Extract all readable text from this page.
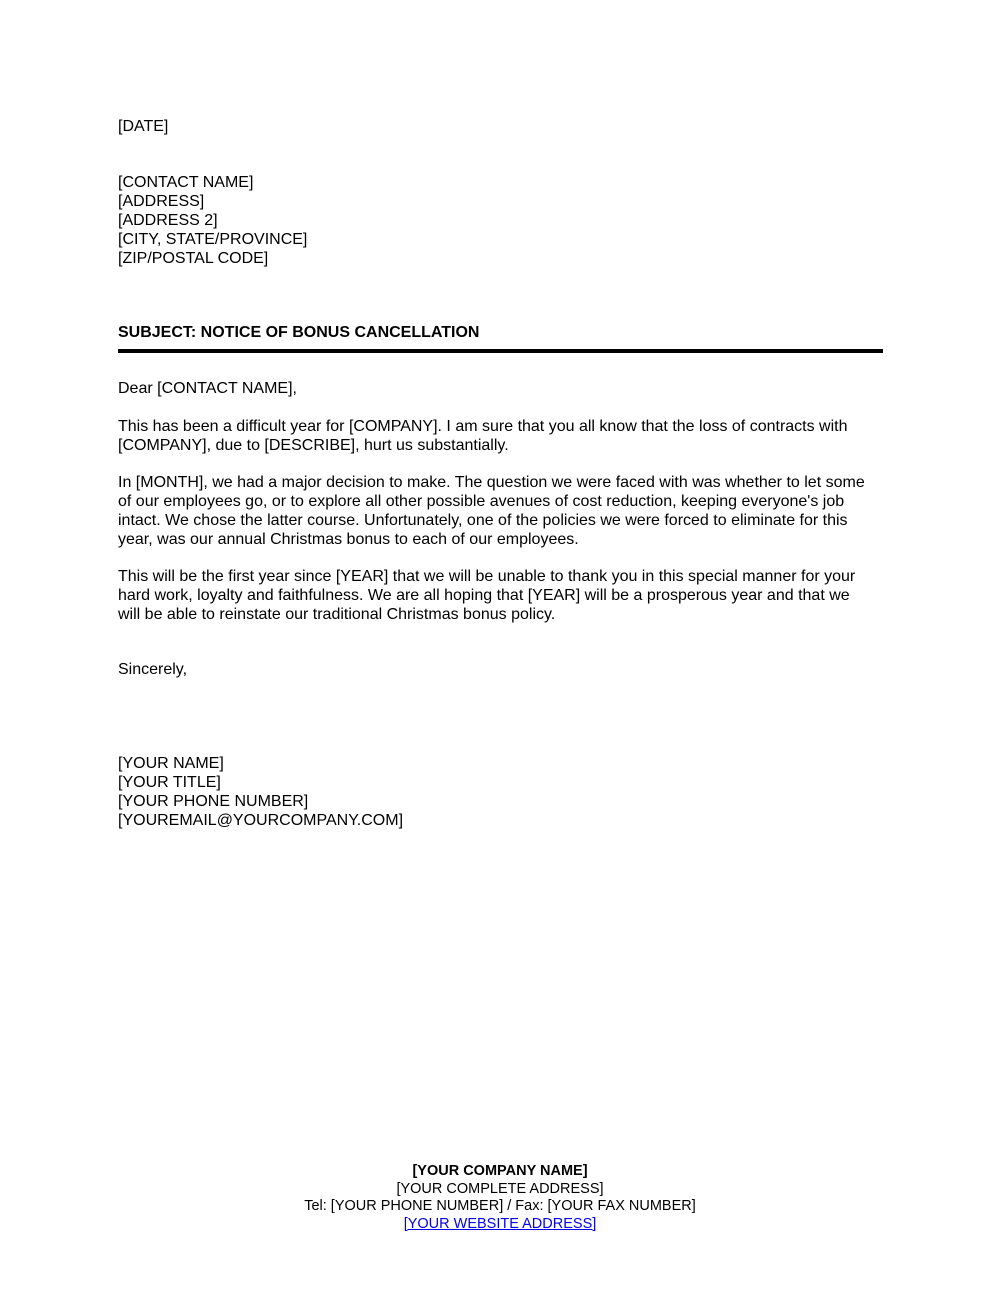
[DATE]
[CONTACT NAME]
[ADDRESS]
[ADDRESS 2]
[CITY, STATE/PROVINCE]
[ZIP/POSTAL CODE]
SUBJECT: NOTICE OF BONUS CANCELLATION
Dear [CONTACT NAME],
This has been a difficult year for [COMPANY]. I am sure that you all know that the loss of contracts with
[COMPANY], due to [DESCRIBE], hurt us substantially.
In [MONTH], we had a major decision to make. The question we were faced with was whether to let some
of our employees go, or to explore all other possible avenues of cost reduction, keeping everyone's job
intact. We chose the latter course. Unfortunately, one of the policies we were forced to eliminate for this
year, was our annual Christmas bonus to each of our employees.
This will be the first year since [YEAR] that we will be unable to thank you in this special manner for your
hard work, loyalty and faithfulness. We are all hoping that [YEAR] will be a prosperous year and that we
will be able to reinstate our traditional Christmas bonus policy.
Sincerely,
[YOUR NAME]
[YOUR TITLE]
[YOUR PHONE NUMBER]
[YOUREMAIL@YOURCOMPANY.COM]
[YOUR COMPANY NAME]
[YOUR COMPLETE ADDRESS]
Tel: [YOUR PHONE NUMBER] / Fax: [YOUR FAX NUMBER]
[YOUR WEBSITE ADDRESS]
